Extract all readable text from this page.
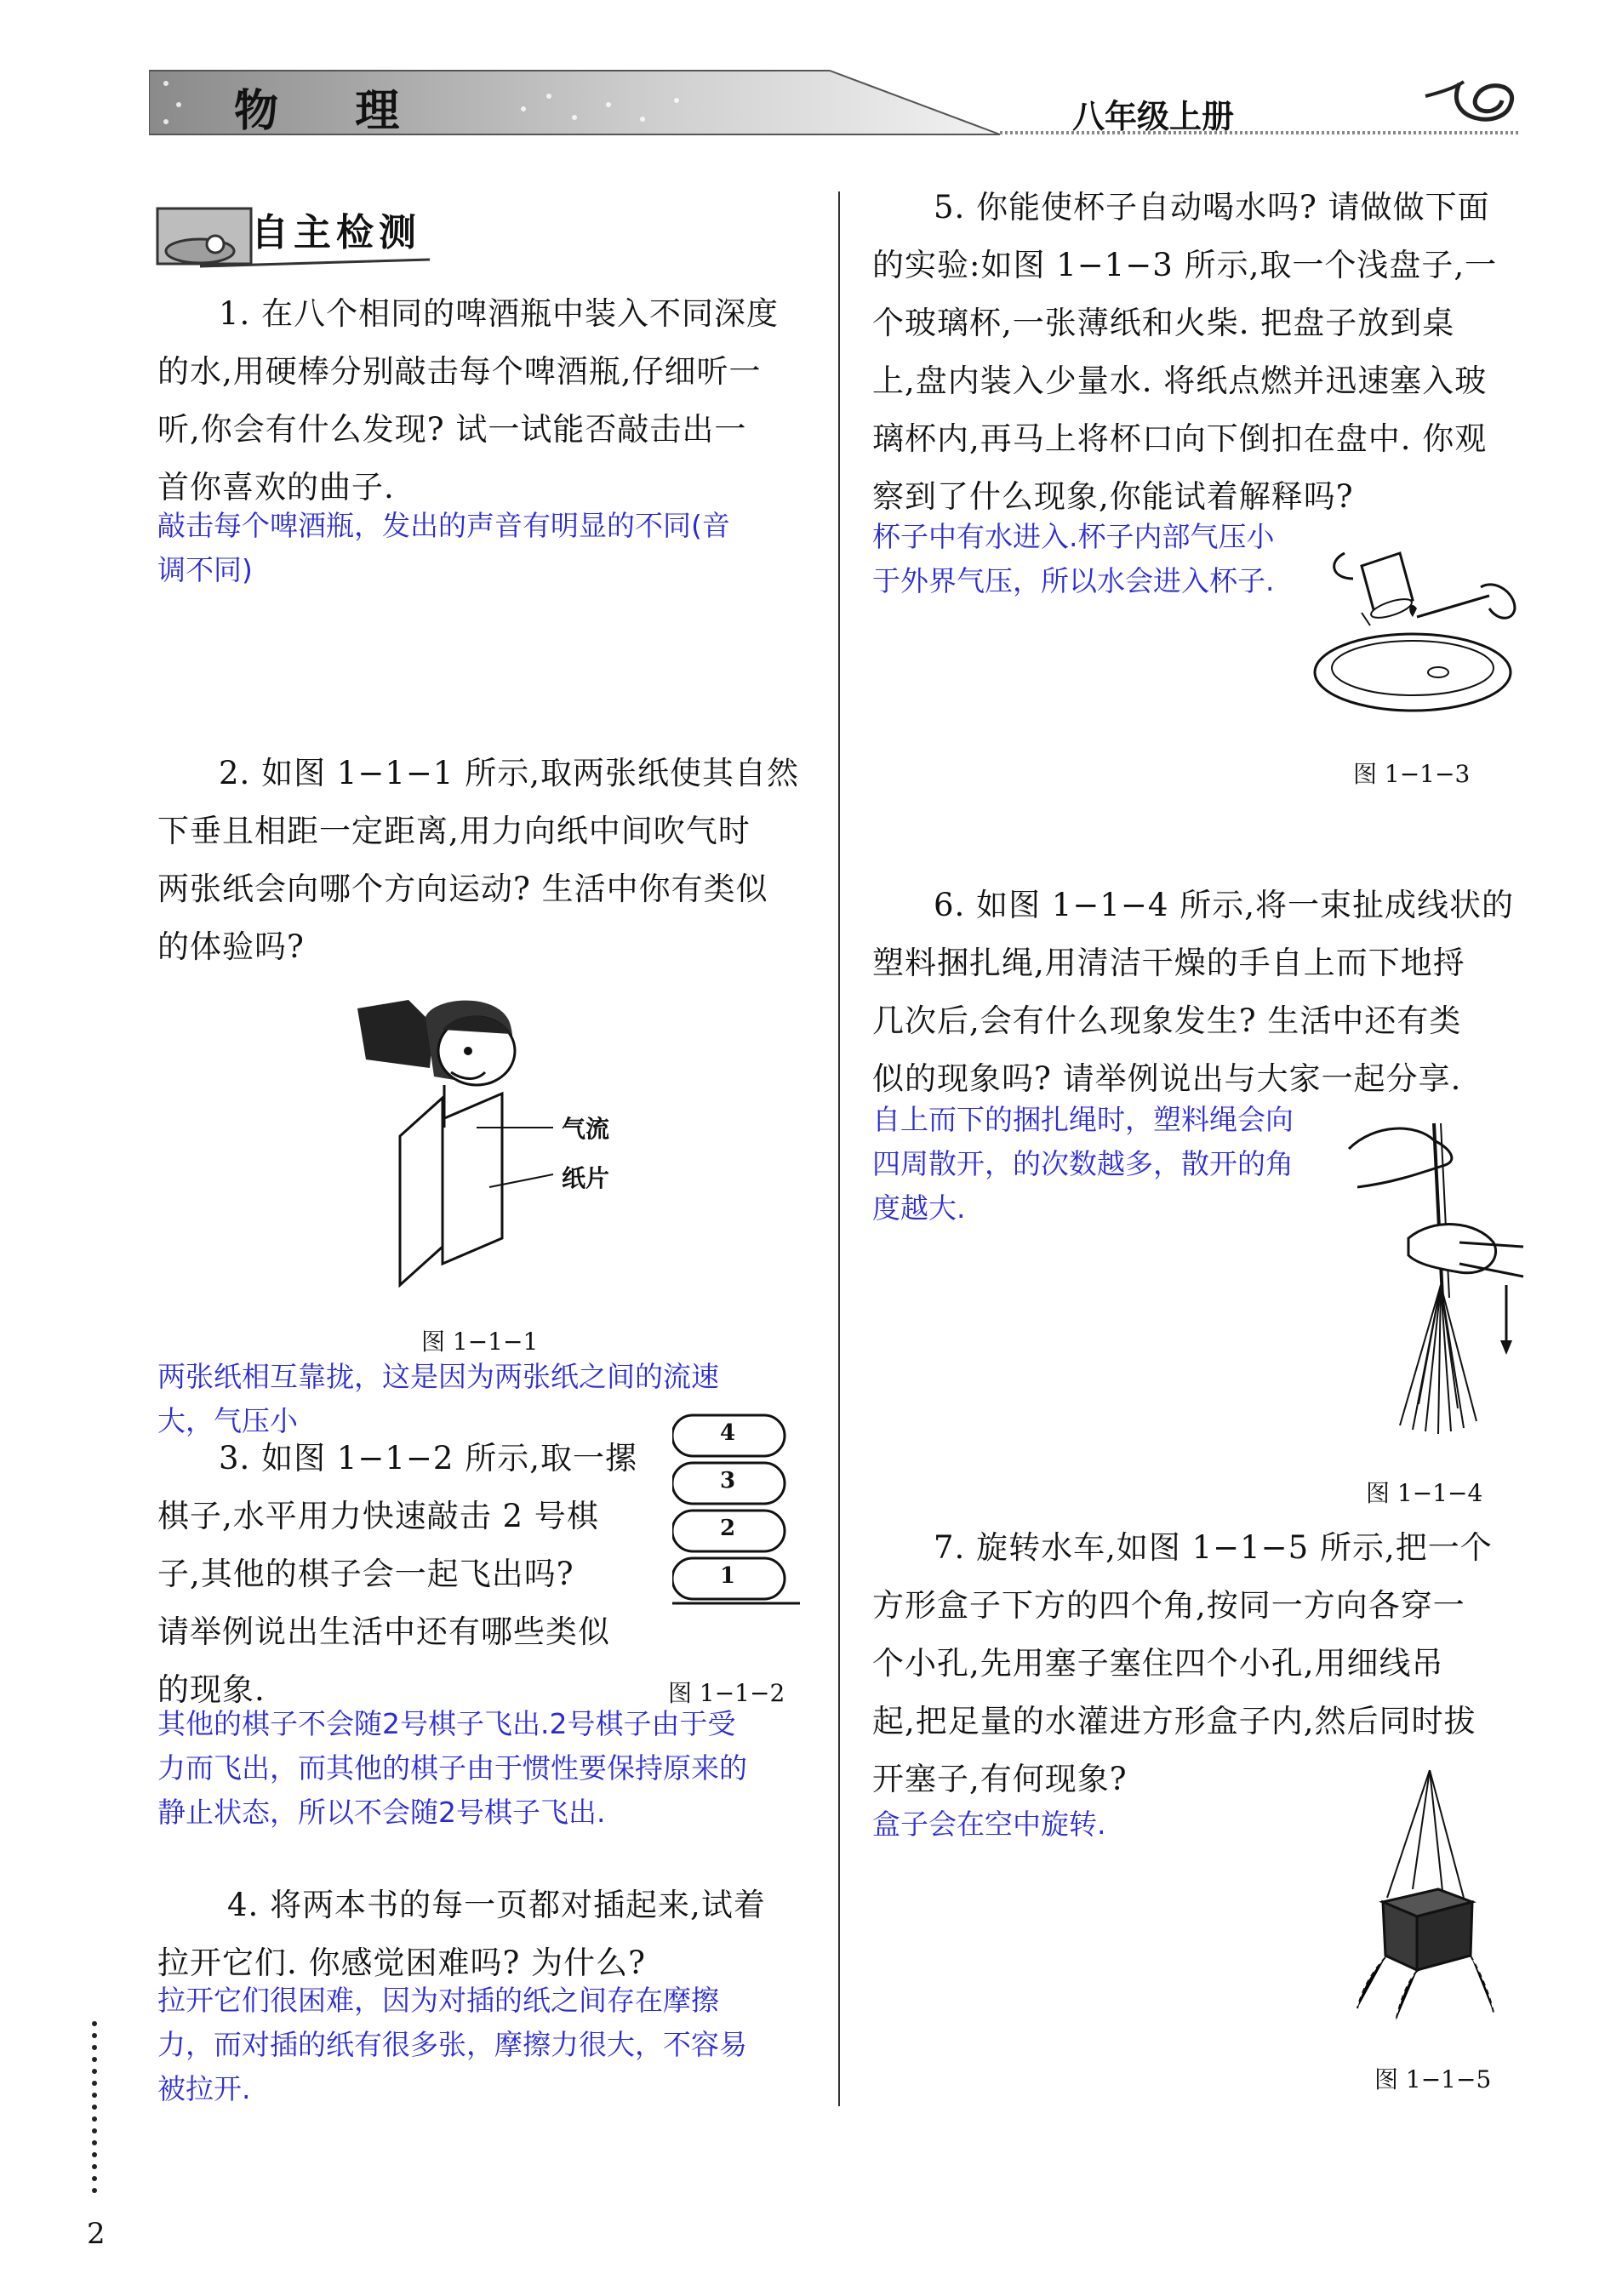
物  理	八年级上册
自主检测
1. 在八个相同的啤酒瓶中装入不同深度
的水,用硬棒分别敲击每个啤酒瓶,仔细听一
听,你会有什么发现? 试一试能否敲击出一
首你喜欢的曲子.
敲击每个啤酒瓶，发出的声音有明显的不同(音
调不同)
2. 如图 1−1−1 所示,取两张纸使其自然
下垂且相距一定距离,用力向纸中间吹气时
两张纸会向哪个方向运动? 生活中你有类似
的体验吗?
气流
纸片
图 1−1−1
两张纸相互靠拢，这是因为两张纸之间的流速
大，气压小
3. 如图 1−1−2 所示,取一摞
棋子,水平用力快速敲击 2 号棋
子,其他的棋子会一起飞出吗?
请举例说出生活中还有哪些类似
的现象.
4
3
2
1
图 1−1−2
其他的棋子不会随2号棋子飞出.2号棋子由于受
力而飞出，而其他的棋子由于惯性要保持原来的
静止状态，所以不会随2号棋子飞出.
4. 将两本书的每一页都对插起来,试着
拉开它们. 你感觉困难吗? 为什么?
拉开它们很困难，因为对插的纸之间存在摩擦
力，而对插的纸有很多张，摩擦力很大，不容易
被拉开.
5. 你能使杯子自动喝水吗? 请做做下面
的实验:如图 1−1−3 所示,取一个浅盘子,一
个玻璃杯,一张薄纸和火柴. 把盘子放到桌
上,盘内装入少量水. 将纸点燃并迅速塞入玻
璃杯内,再马上将杯口向下倒扣在盘中. 你观
察到了什么现象,你能试着解释吗?
杯子中有水进入.杯子内部气压小
于外界气压，所以水会进入杯子.
图 1−1−3
6. 如图 1−1−4 所示,将一束扯成线状的
塑料捆扎绳,用清洁干燥的手自上而下地捋
几次后,会有什么现象发生? 生活中还有类
似的现象吗? 请举例说出与大家一起分享.
自上而下的捆扎绳时，塑料绳会向
四周散开，的次数越多，散开的角
度越大.
图 1−1−4
7. 旋转水车,如图 1−1−5 所示,把一个
方形盒子下方的四个角,按同一方向各穿一
个小孔,先用塞子塞住四个小孔,用细线吊
起,把足量的水灌进方形盒子内,然后同时拔
开塞子,有何现象?
盒子会在空中旋转.
图 1−1−5
2
